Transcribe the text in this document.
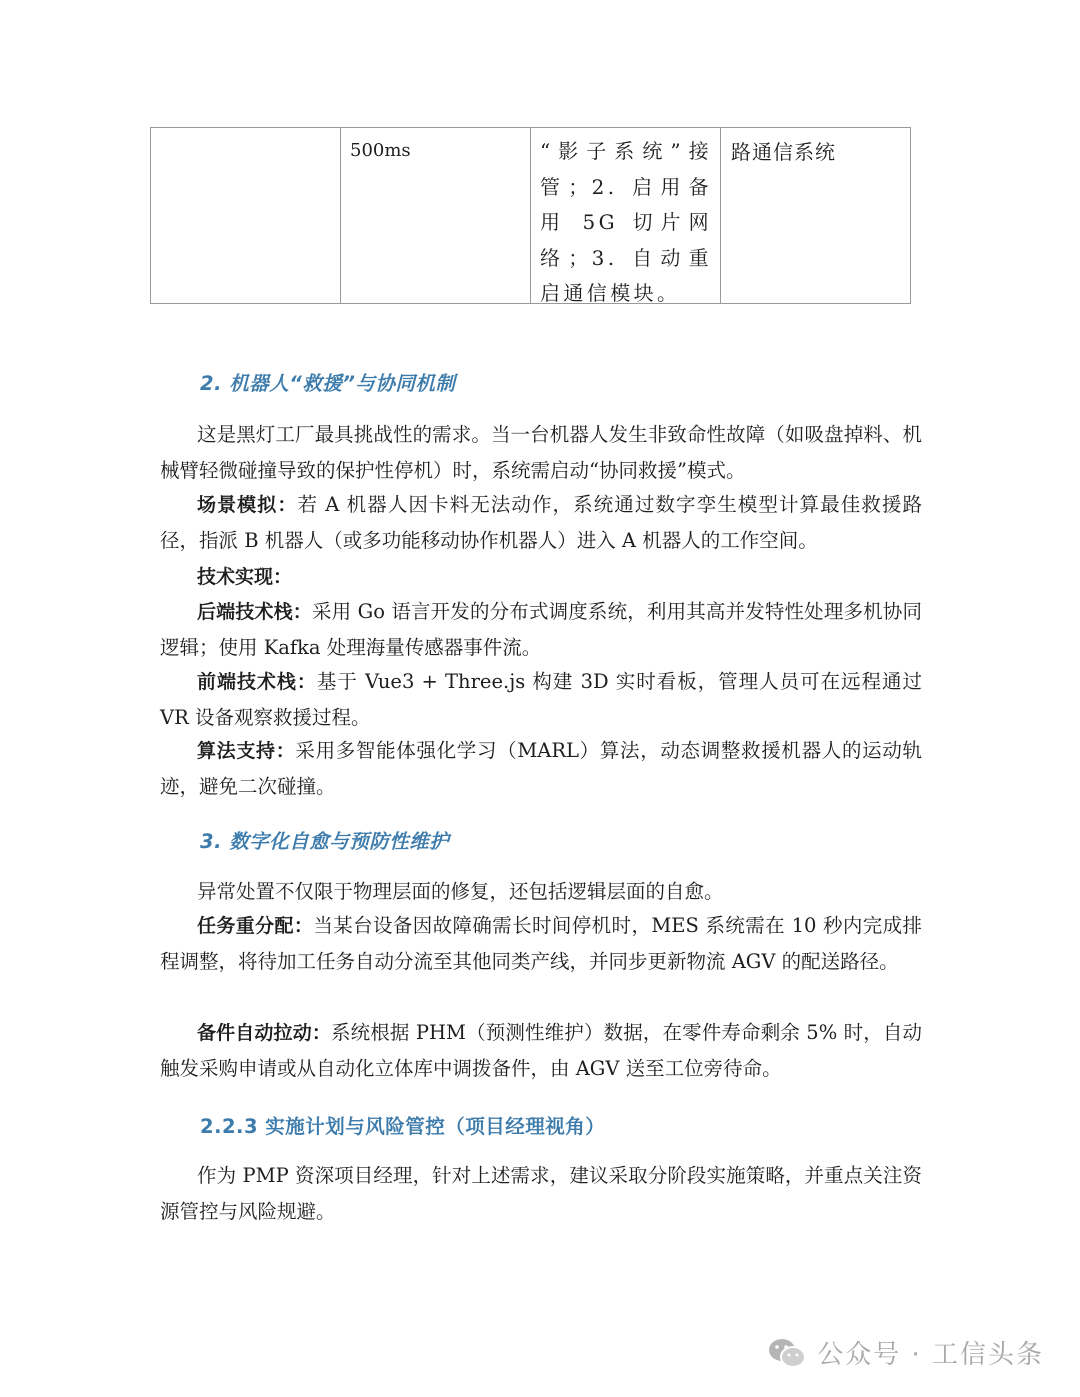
500ms	“影子系统”接管；2. 启用备用 5G 切片网络；3. 自动重启通信模块。
路通信系统
2. 机器人“救援”与协同机制

这是黑灯工厂最具挑战性的需求。当一台机器人发生非致命性故障（如吸盘掉料、机械臂轻微碰撞导致的保护性停机）时，系统需启动“协同救援”模式。

场景模拟：若 A 机器人因卡料无法动作，系统通过数字孪生模型计算最佳救援路径，指派 B 机器人（或多功能移动协作机器人）进入 A 机器人的工作空间。

技术实现：

后端技术栈：采用 Go 语言开发的分布式调度系统，利用其高并发特性处理多机协同逻辑；使用 Kafka 处理海量传感器事件流。

前端技术栈：基于 Vue3 + Three.js 构建 3D 实时看板，管理人员可在远程通过 VR 设备观察救援过程。

算法支持：采用多智能体强化学习（MARL）算法，动态调整救援机器人的运动轨迹，避免二次碰撞。

3. 数字化自愈与预防性维护

异常处置不仅限于物理层面的修复，还包括逻辑层面的自愈。

任务重分配：当某台设备因故障确需长时间停机时，MES 系统需在 10 秒内完成排程调整，将待加工任务自动分流至其他同类产线，并同步更新物流 AGV 的配送路径。

备件自动拉动：系统根据 PHM（预测性维护）数据，在零件寿命剩余 5% 时，自动触发采购申请或从自动化立体库中调拨备件，由 AGV 送至工位旁待命。

2.2.3 实施计划与风险管控（项目经理视角）

作为 PMP 资深项目经理，针对上述需求，建议采取分阶段实施策略，并重点关注资源管控与风险规避。

公众号 · 工信头条
